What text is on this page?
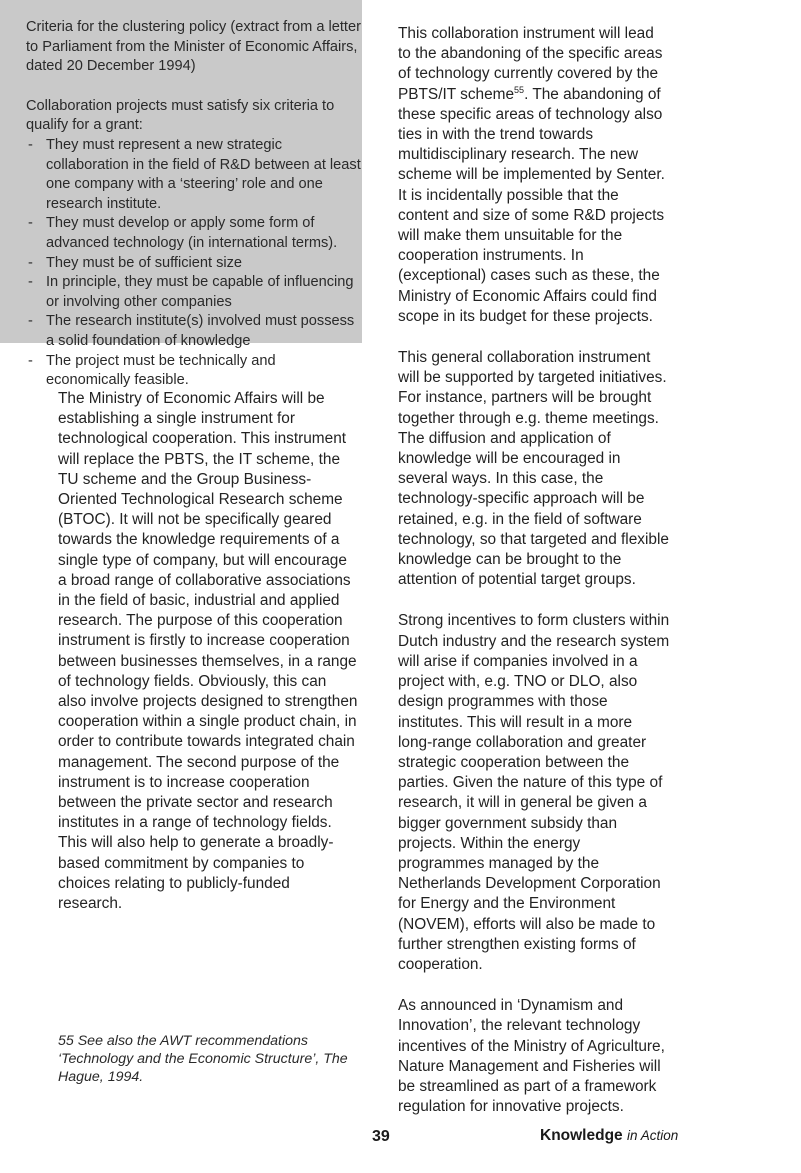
Criteria for the clustering policy (extract from a letter to Parliament from the Minister of Economic Affairs, dated 20 December 1994)

Collaboration projects must satisfy six criteria to qualify for a grant:

- They must represent a new strategic collaboration in the field of R&D between at least one company with a ‘steering’ role and one research institute.
- They must develop or apply some form of advanced technology (in international terms).
- They must be of sufficient size
- In principle, they must be capable of influencing or involving other companies
- The research institute(s) involved must possess a solid foundation of knowledge
- The project must be technically and economically feasible.

The Ministry of Economic Affairs will be establishing a single instrument for technological cooperation. This instrument will replace the PBTS, the IT scheme, the TU scheme and the Group Business-Oriented Technological Research scheme (BTOC). It will not be specifically geared towards the knowledge requirements of a single type of company, but will encourage a broad range of collaborative associations in the field of basic, industrial and applied research. The purpose of this cooperation instrument is firstly to increase cooperation between businesses themselves, in a range of technology fields. Obviously, this can also involve projects designed to strengthen cooperation within a single product chain, in order to contribute towards integrated chain management. The second purpose of the instrument is to increase cooperation between the private sector and research institutes in a range of technology fields. This will also help to generate a broadly-based commitment by companies to choices relating to publicly-funded research.

55 See also the AWT recommendations ‘Technology and the Economic Structure’, The Hague, 1994.

This collaboration instrument will lead to the abandoning of the specific areas of technology currently covered by the PBTS/IT scheme$^{55}$. The abandoning of these specific areas of technology also ties in with the trend towards multidisciplinary research. The new scheme will be implemented by Senter. It is incidentally possible that the content and size of some R&D projects will make them unsuitable for the cooperation instruments. In (exceptional) cases such as these, the Ministry of Economic Affairs could find scope in its budget for these projects.

This general collaboration instrument will be supported by targeted initiatives. For instance, partners will be brought together through e.g. theme meetings. The diffusion and application of knowledge will be encouraged in several ways. In this case, the technology-specific approach will be retained, e.g. in the field of software technology, so that targeted and flexible knowledge can be brought to the attention of potential target groups.

Strong incentives to form clusters within Dutch industry and the research system will arise if companies involved in a project with, e.g. TNO or DLO, also design programmes with those institutes. This will result in a more long-range collaboration and greater strategic cooperation between the parties. Given the nature of this type of research, it will in general be given a bigger government subsidy than projects. Within the energy programmes managed by the Netherlands Development Corporation for Energy and the Environment (NOVEM), efforts will also be made to further strengthen existing forms of cooperation.

As announced in ‘Dynamism and Innovation’, the relevant technology incentives of the Ministry of Agriculture, Nature Management and Fisheries will be streamlined as part of a framework regulation for innovative projects.

39	Knowledge in Action
